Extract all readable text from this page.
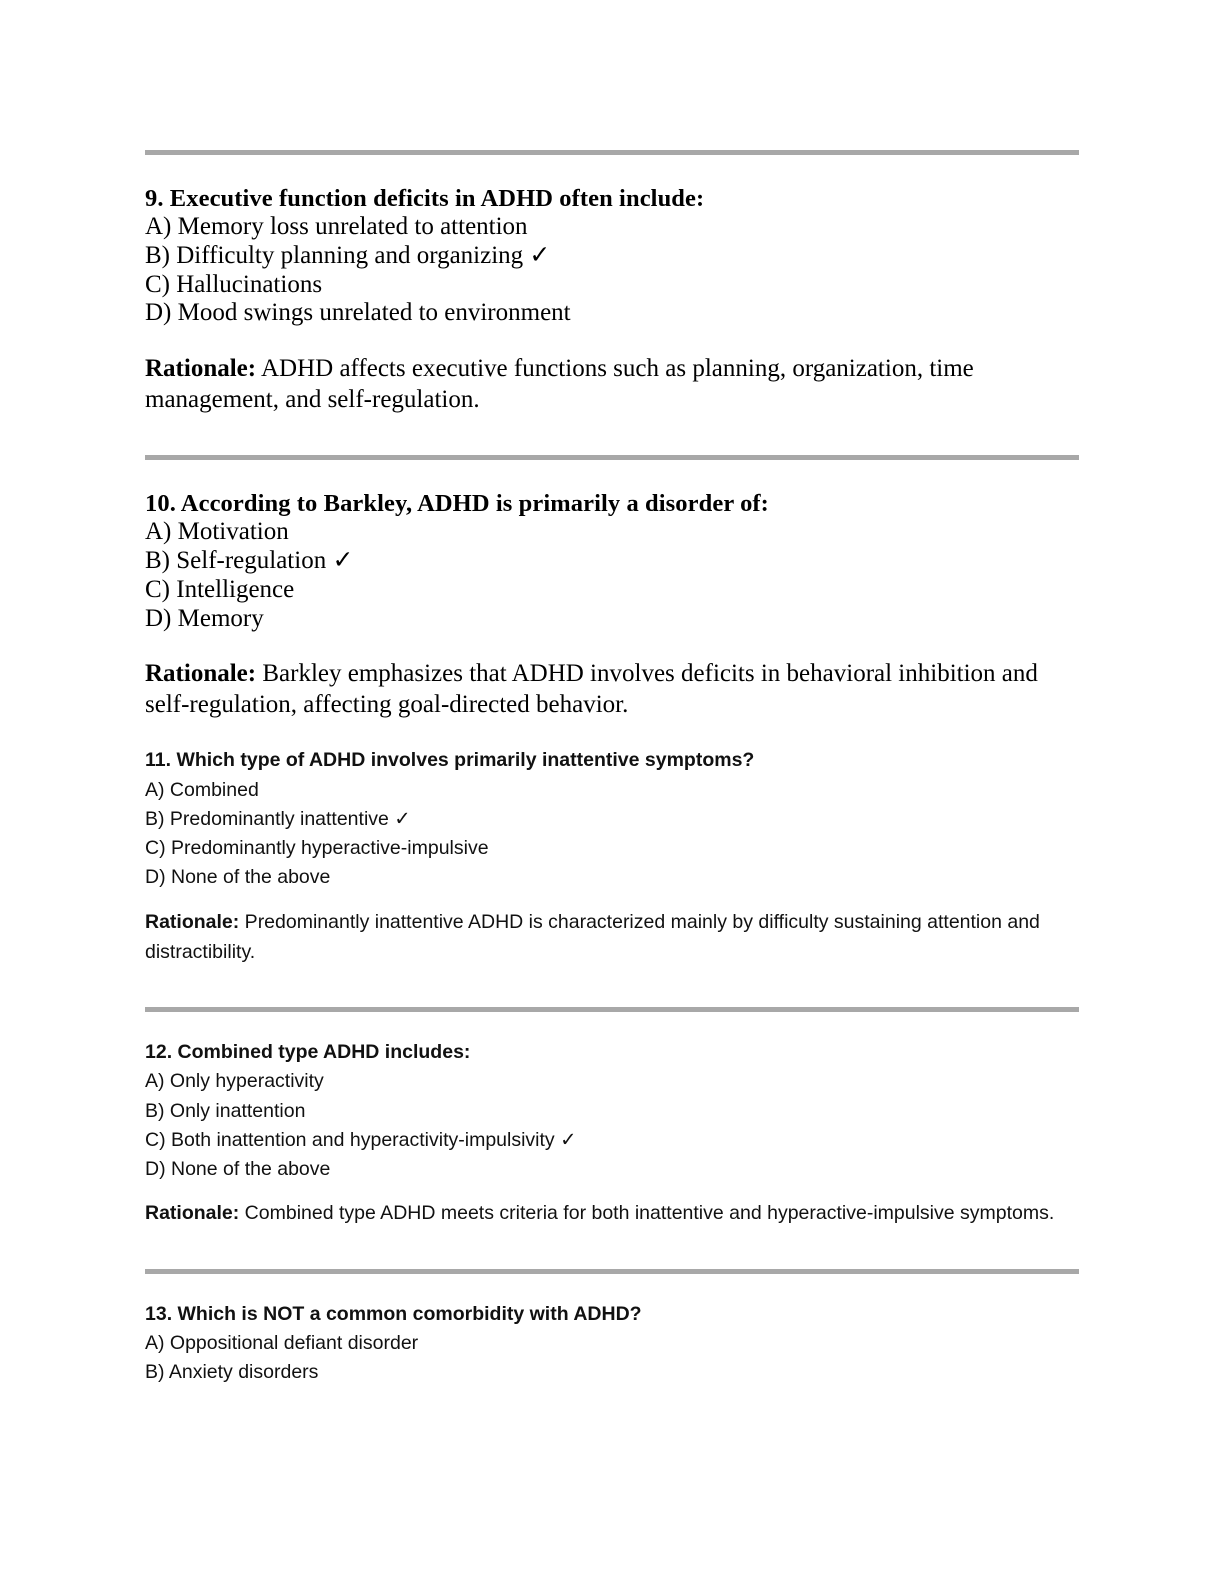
9. Executive function deficits in ADHD often include:

A) Memory loss unrelated to attention

B) Difficulty planning and organizing ✓

C) Hallucinations

D) Mood swings unrelated to environment

Rationale: ADHD affects executive functions such as planning, organization, time management, and self-regulation.

10. According to Barkley, ADHD is primarily a disorder of:

A) Motivation

B) Self-regulation ✓

C) Intelligence

D) Memory

Rationale: Barkley emphasizes that ADHD involves deficits in behavioral inhibition and self-regulation, affecting goal-directed behavior.

11. Which type of ADHD involves primarily inattentive symptoms?

A) Combined

B) Predominantly inattentive ✓

C) Predominantly hyperactive-impulsive

D) None of the above

Rationale: Predominantly inattentive ADHD is characterized mainly by difficulty sustaining attention and distractibility.

12. Combined type ADHD includes:

A) Only hyperactivity

B) Only inattention

C) Both inattention and hyperactivity-impulsivity ✓

D) None of the above

Rationale: Combined type ADHD meets criteria for both inattentive and hyperactive-impulsive symptoms.

13. Which is NOT a common comorbidity with ADHD?

A) Oppositional defiant disorder

B) Anxiety disorders
